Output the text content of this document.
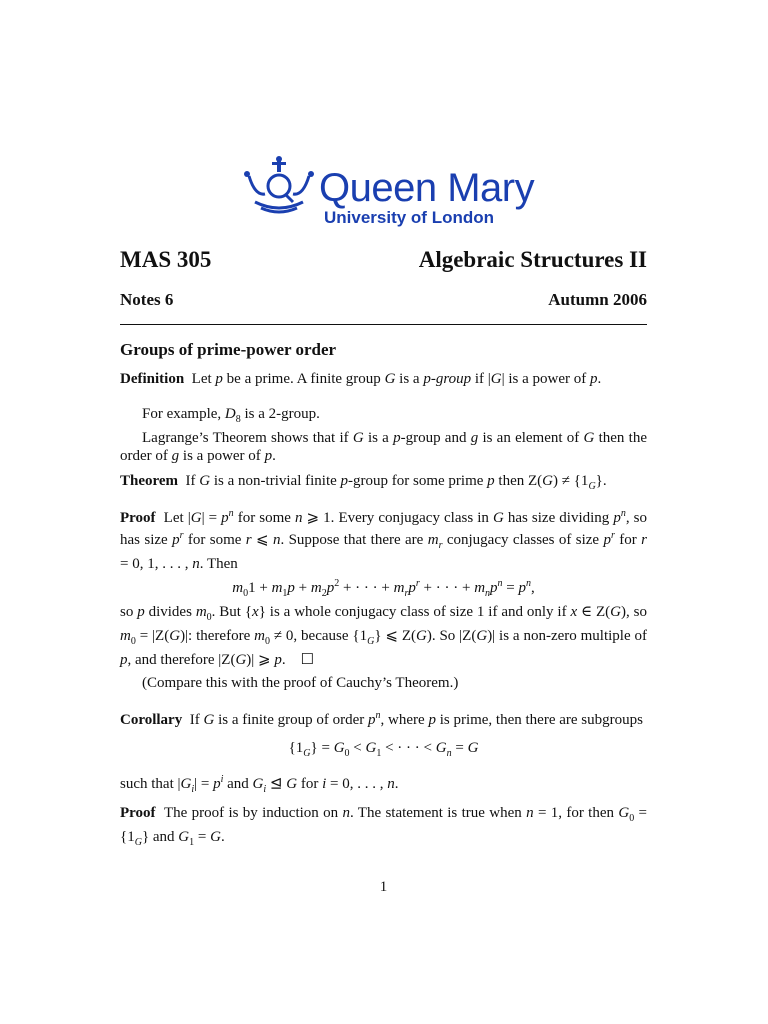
Queen Mary
University of London
MAS 305	Algebraic Structures II
Notes 6	Autumn 2006
Groups of prime-power order

Definition  Let p be a prime. A finite group G is a p-group if |G| is a power of p.

For example, $D_8$ is a 2-group.

Lagrange’s Theorem shows that if G is a p-group and g is an element of G then the order of g is a power of p.

Theorem  If G is a non-trivial finite p-group for some prime p then $Z(G) \ne \{1_G\}$.

Proof  Let $|G| = p^n$ for some n ⩾ 1. Every conjugacy class in G has size dividing $p^n$, so has size $p^r$ for some r ⩽ n. Suppose that there are $m_r$ conjugacy classes of size $p^r$ for r = 0, 1, . . . , n. Then

$m_01 + m_1p + m_2p^2$ + · · · + $m_rp^r$ + · · · + $m_np^n = p^n$,

so p divides $m_0$. But {x} is a whole conjugacy class of size 1 if and only if x ∈ Z(G), so $m_0 = |Z(G)|$: therefore $m_0 \ne 0$, because $\{1_G\}$ ⩽ Z(G). So |Z(G)| is a non-zero multiple of p, and therefore |Z(G)| ⩾ p.    ☐

(Compare this with the proof of Cauchy’s Theorem.)

Corollary  If G is a finite group of order $p^n$, where p is prime, then there are subgroups

$\{1_G\} = G_0 < G_1$ < · · · < $G_n = G$

such that $|G_i| = p^i$ and $G_i$ ⊴ G for i = 0, . . . , n.

Proof  The proof is by induction on n. The statement is true when n = 1, for then $G_0 = \{1_G\}$ and $G_1 = G$.

1
